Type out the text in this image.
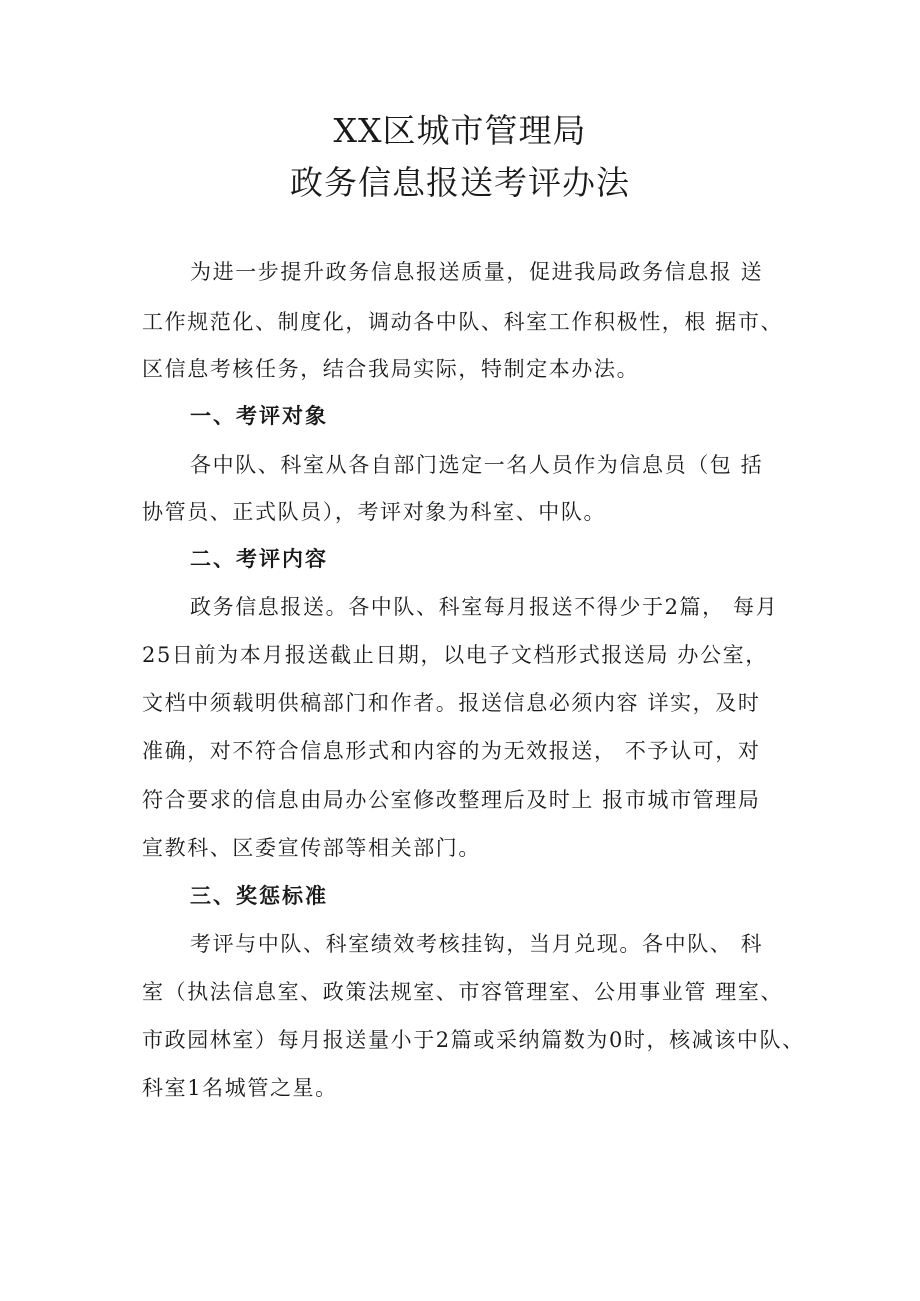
XX区城市管理局
政务信息报送考评办法
为进一步提升政务信息报送质量，促进我局政务信息报 送
工作规范化、制度化，调动各中队、科室工作积极性，根 据市、
区信息考核任务，结合我局实际，特制定本办法。
一、考评对象
各中队、科室从各自部门选定一名人员作为信息员（包 括
协管员、正式队员），考评对象为科室、中队。
二、考评内容
政务信息报送。各中队、科室每月报送不得少于2篇， 每月
25日前为本月报送截止日期，以电子文档形式报送局 办公室，
文档中须载明供稿部门和作者。报送信息必须内容 详实，及时
准确，对不符合信息形式和内容的为无效报送， 不予认可，对
符合要求的信息由局办公室修改整理后及时上 报市城市管理局
宣教科、区委宣传部等相关部门。
三、奖惩标准
考评与中队、科室绩效考核挂钩，当月兑现。各中队、 科
室（执法信息室、政策法规室、市容管理室、公用事业管 理室、
市政园林室）每月报送量小于2篇或采纳篇数为0时，核减该中队、
科室1名城管之星。
